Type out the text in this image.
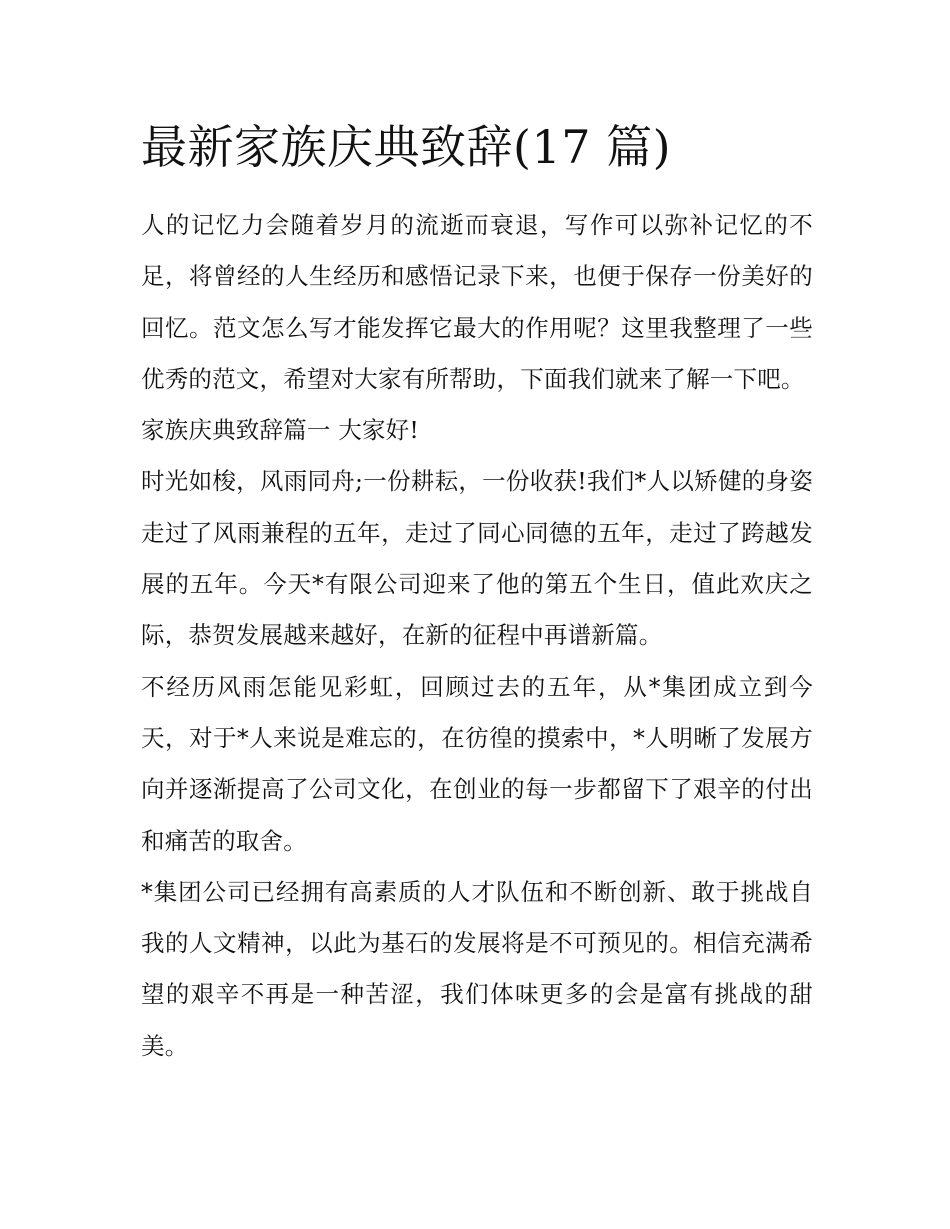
最新家族庆典致辞(17 篇)

人的记忆力会随着岁月的流逝而衰退，写作可以弥补记忆的不足，将曾经的人生经历和感悟记录下来，也便于保存一份美好的回忆。范文怎么写才能发挥它最大的作用呢？这里我整理了一些优秀的范文，希望对大家有所帮助，下面我们就来了解一下吧。

家族庆典致辞篇一 大家好!

时光如梭，风雨同舟;一份耕耘，一份收获!我们*人以矫健的身姿走过了风雨兼程的五年，走过了同心同德的五年，走过了跨越发展的五年。今天*有限公司迎来了他的第五个生日，值此欢庆之际，恭贺发展越来越好，在新的征程中再谱新篇。

不经历风雨怎能见彩虹，回顾过去的五年，从*集团成立到今天，对于*人来说是难忘的，在彷徨的摸索中，*人明晰了发展方向并逐渐提高了公司文化，在创业的每一步都留下了艰辛的付出和痛苦的取舍。

*集团公司已经拥有高素质的人才队伍和不断创新、敢于挑战自我的人文精神，以此为基石的发展将是不可预见的。相信充满希望的艰辛不再是一种苦涩，我们体味更多的会是富有挑战的甜美。
